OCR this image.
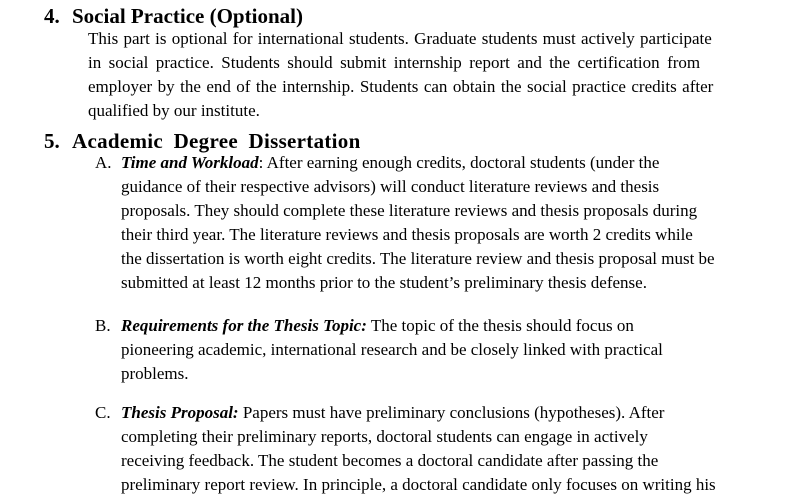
4. Social Practice (Optional)
This part is optional for international students. Graduate students must actively participate
in social practice. Students should submit internship report and the certification from
employer by the end of the internship. Students can obtain the social practice credits after
qualified by our institute.
5. Academic Degree Dissertation
A. Time and Workload: After earning enough credits, doctoral students (under the
guidance of their respective advisors) will conduct literature reviews and thesis
proposals. They should complete these literature reviews and thesis proposals during
their third year. The literature reviews and thesis proposals are worth 2 credits while
the dissertation is worth eight credits. The literature review and thesis proposal must be
submitted at least 12 months prior to the student’s preliminary thesis defense.
B. Requirements for the Thesis Topic: The topic of the thesis should focus on
pioneering academic, international research and be closely linked with practical
problems.
C. Thesis Proposal: Papers must have preliminary conclusions (hypotheses). After
completing their preliminary reports, doctoral students can engage in actively
receiving feedback. The student becomes a doctoral candidate after passing the
preliminary report review. In principle, a doctoral candidate only focuses on writing his
